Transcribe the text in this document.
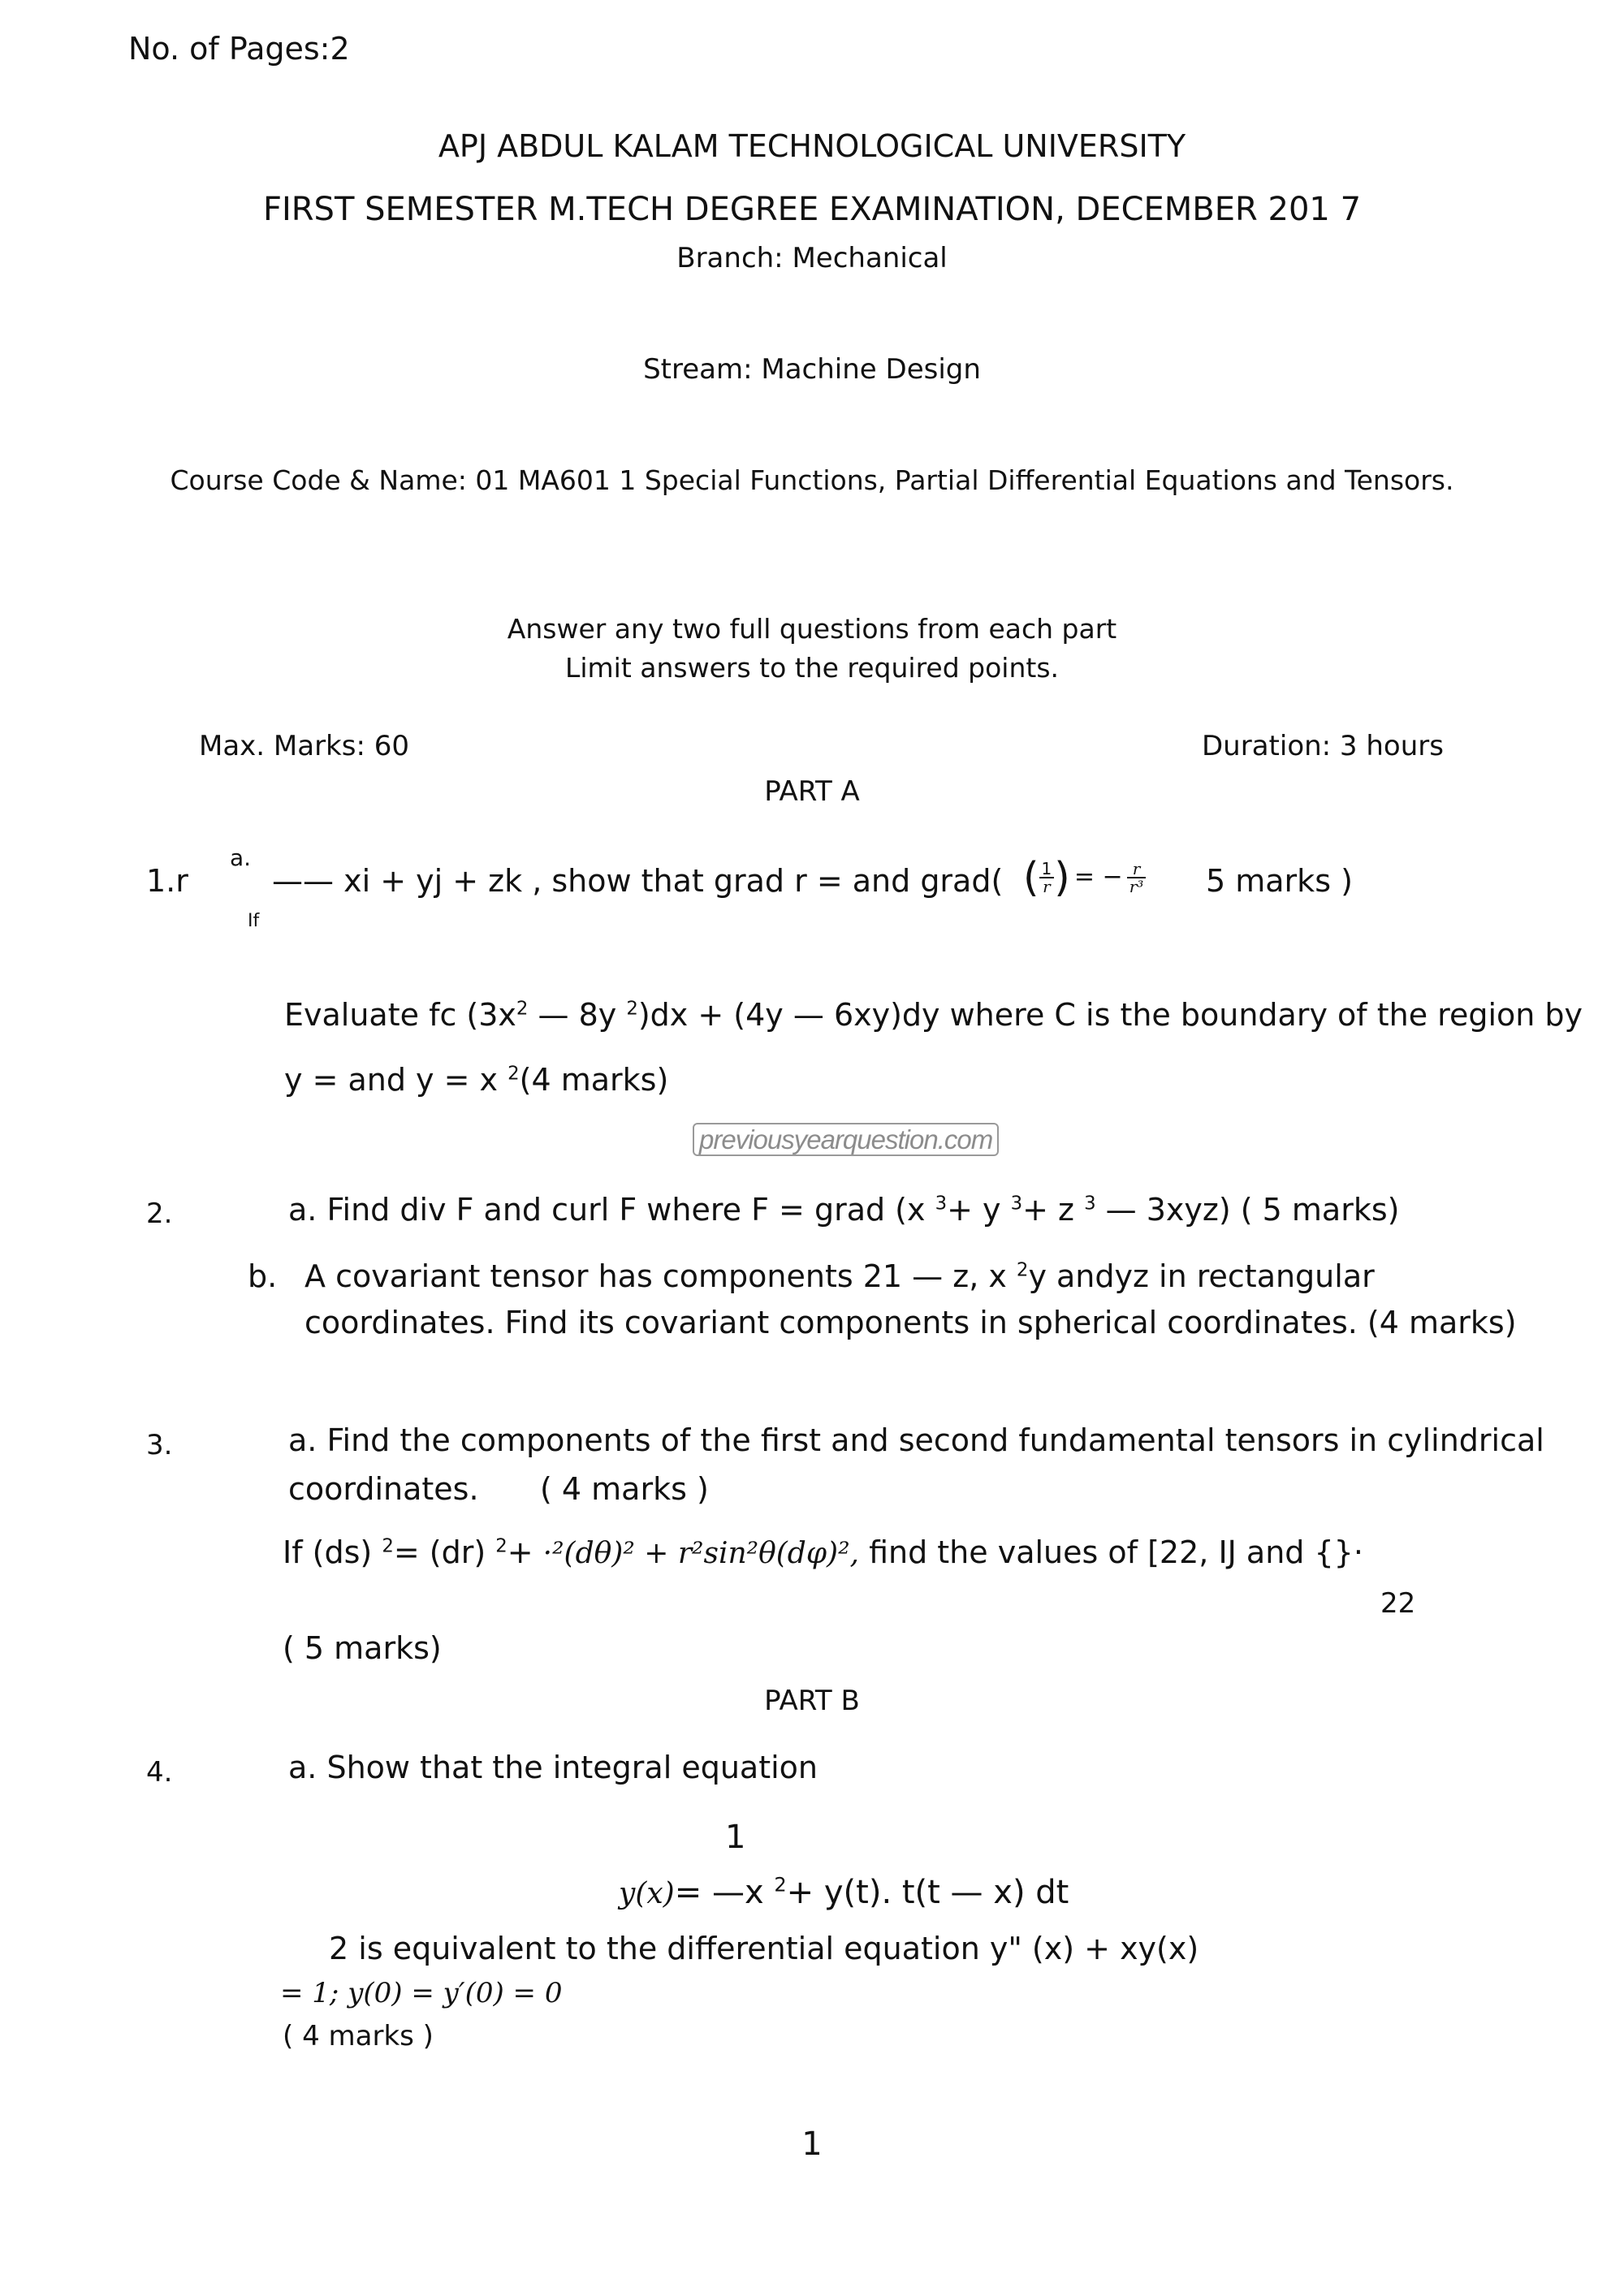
No. of Pages:2
APJ ABDUL KALAM TECHNOLOGICAL UNIVERSITY
FIRST SEMESTER M.TECH DEGREE EXAMINATION, DECEMBER 201 7
Branch: Mechanical
Stream: Machine Design
Course Code & Name: 01 MA601 1 Special Functions, Partial Differential Equations and Tensors.
Answer any two full questions from each part
Limit answers to the required points.
Max. Marks: 60	Duration: 3 hours
PART A
1.r
a.
If
—— xi + yj + zk , show that grad r = and grad( ( $\frac{1}{r}$ ) = − $\frac{r}{\text{r³}} 5$ marks )
Evaluate fc ($3x^2$ — 8y $^2$)dx + (4y — 6xy)dy where C is the boundary of the region by
y = and y = x $^2$(4 marks)
previousyearquestion.com
2.	a. Find div F and curl F where F = grad (x $^3$+ y $^3$+ z $^3$ — 3xyz) ( 5 marks)
b. A covariant tensor has components 21 — z, x $^2$y andyz in rectangular
coordinates. Find its covariant components in spherical coordinates. (4 marks)
3.	a. Find the components of the first and second fundamental tensors in cylindrical
coordinates. ( 4 marks )
If (ds) $^2$= (dr) $^2$+ ·²(dθ)² + r²sin²θ(dφ)², find the values of [22, IJ and {}·
22
( 5 marks)
PART B
4.	a. Show that the integral equation
1
y(x)= —x $^2$+ y(t). t(t — x) dt
2 is equivalent to the differential equation y" (x) + xy(x)
= 1; y(0) = y′(0) = 0
( 4 marks )
1
